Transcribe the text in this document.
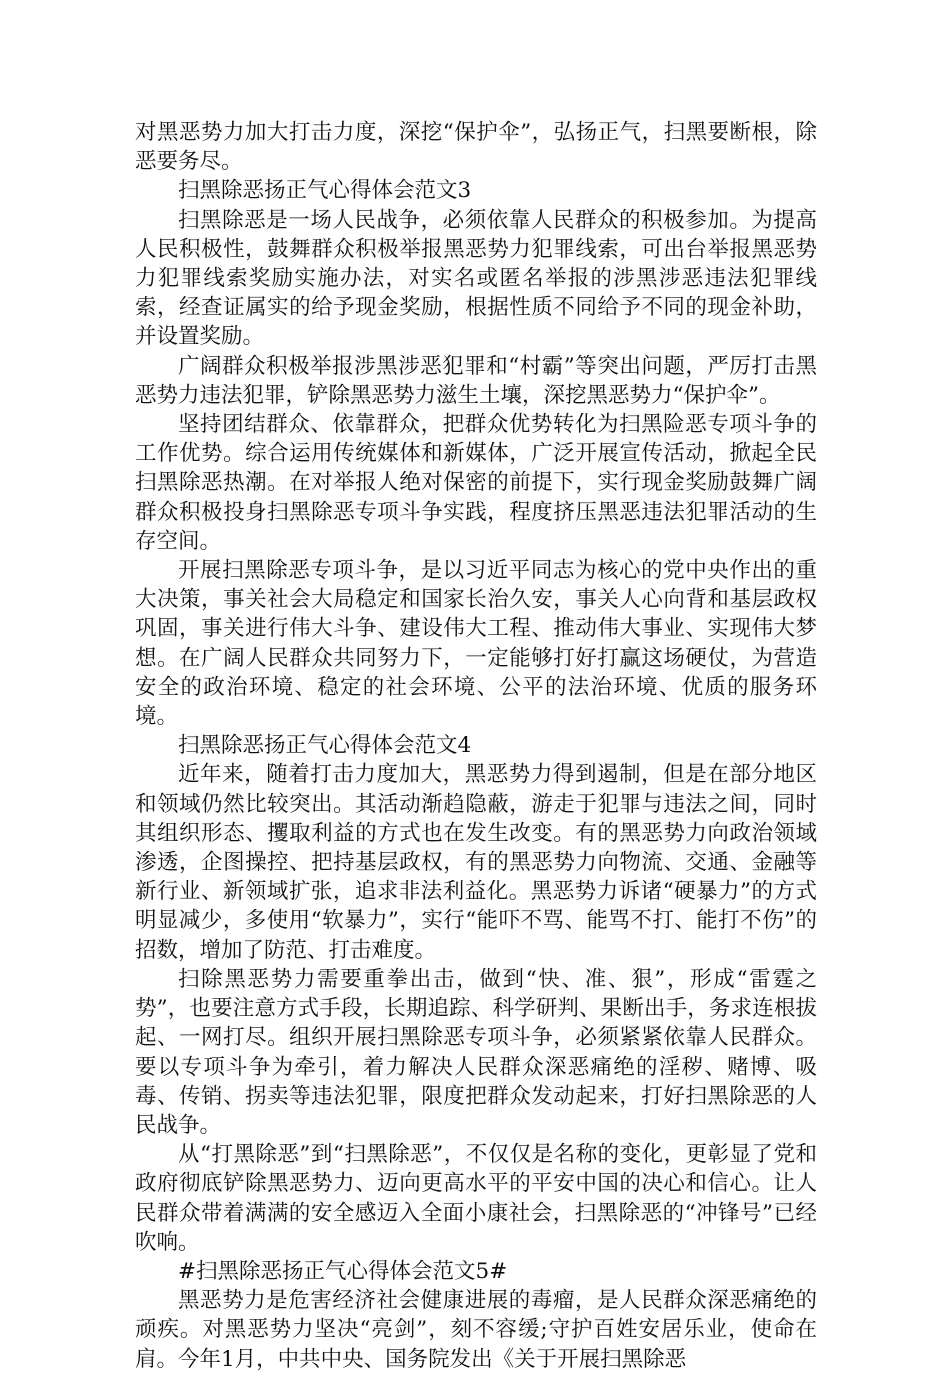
对黑恶势力加大打击力度，深挖“保护伞”，弘扬正气，扫黑要断根，除恶要务尽。

扫黑除恶扬正气心得体会范文3

扫黑除恶是一场人民战争，必须依靠人民群众的积极参加。为提高人民积极性，鼓舞群众积极举报黑恶势力犯罪线索，可出台举报黑恶势力犯罪线索奖励实施办法，对实名或匿名举报的涉黑涉恶违法犯罪线索，经查证属实的给予现金奖励，根据性质不同给予不同的现金补助，并设置奖励。

广阔群众积极举报涉黑涉恶犯罪和“村霸”等突出问题，严厉打击黑恶势力违法犯罪，铲除黑恶势力滋生土壤，深挖黑恶势力“保护伞”。

坚持团结群众、依靠群众，把群众优势转化为扫黑险恶专项斗争的工作优势。综合运用传统媒体和新媒体，广泛开展宣传活动，掀起全民扫黑除恶热潮。在对举报人绝对保密的前提下，实行现金奖励鼓舞广阔群众积极投身扫黑除恶专项斗争实践，程度挤压黑恶违法犯罪活动的生存空间。

开展扫黑除恶专项斗争，是以习近平同志为核心的党中央作出的重大决策，事关社会大局稳定和国家长治久安，事关人心向背和基层政权巩固，事关进行伟大斗争、建设伟大工程、推动伟大事业、实现伟大梦想。在广阔人民群众共同努力下，一定能够打好打赢这场硬仗，为营造安全的政治环境、稳定的社会环境、公平的法治环境、优质的服务环境。

扫黑除恶扬正气心得体会范文4

近年来，随着打击力度加大，黑恶势力得到遏制，但是在部分地区和领域仍然比较突出。其活动渐趋隐蔽，游走于犯罪与违法之间，同时其组织形态、攫取利益的方式也在发生改变。有的黑恶势力向政治领域渗透，企图操控、把持基层政权，有的黑恶势力向物流、交通、金融等新行业、新领域扩张，追求非法利益化。黑恶势力诉诸“硬暴力”的方式明显减少，多使用“软暴力”，实行“能吓不骂、能骂不打、能打不伤”的招数，增加了防范、打击难度。

扫除黑恶势力需要重拳出击，做到“快、准、狠”，形成“雷霆之势”，也要注意方式手段，长期追踪、科学研判、果断出手，务求连根拔起、一网打尽。组织开展扫黑除恶专项斗争，必须紧紧依靠人民群众。要以专项斗争为牵引，着力解决人民群众深恶痛绝的淫秽、赌博、吸毒、传销、拐卖等违法犯罪，限度把群众发动起来，打好扫黑除恶的人民战争。

从“打黑除恶”到“扫黑除恶”，不仅仅是名称的变化，更彰显了党和政府彻底铲除黑恶势力、迈向更高水平的平安中国的决心和信心。让人民群众带着满满的安全感迈入全面小康社会，扫黑除恶的“冲锋号”已经吹响。

#扫黑除恶扬正气心得体会范文5#

黑恶势力是危害经济社会健康进展的毒瘤，是人民群众深恶痛绝的顽疾。对黑恶势力坚决“亮剑”，刻不容缓;守护百姓安居乐业，使命在肩。今年1月，中共中央、国务院发出《关于开展扫黑除恶
